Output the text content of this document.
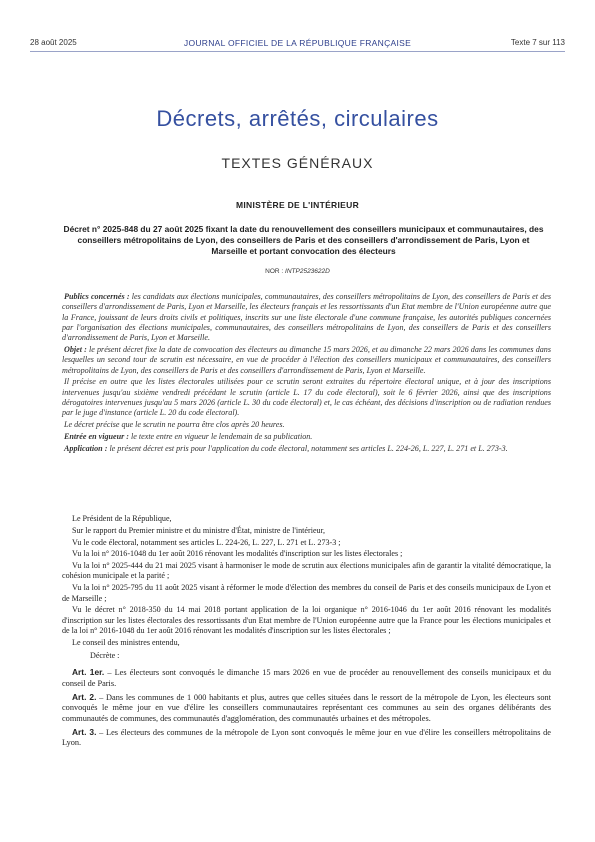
28 août 2025	JOURNAL OFFICIEL DE LA RÉPUBLIQUE FRANÇAISE	Texte 7 sur 113
Décrets, arrêtés, circulaires
TEXTES GÉNÉRAUX
MINISTÈRE DE L'INTÉRIEUR
Décret n° 2025-848 du 27 août 2025 fixant la date du renouvellement des conseillers municipaux et communautaires, des conseillers métropolitains de Lyon, des conseillers de Paris et des conseillers d'arrondissement de Paris, Lyon et Marseille et portant convocation des électeurs
NOR : INTP2523622D

Publics concernés : les candidats aux élections municipales, communautaires, des conseillers métropolitains de Lyon, des conseillers de Paris et des conseillers d'arrondissement de Paris, Lyon et Marseille, les électeurs français et les ressortissants d'un Etat membre de l'Union européenne autre que la France, jouissant de leurs droits civils et politiques, inscrits sur une liste électorale d'une commune française, les autorités publiques concernées par l'organisation des élections municipales, communautaires, des conseillers métropolitains de Lyon, des conseillers de Paris et des conseillers d'arrondissement de Paris, Lyon et Marseille.

Objet : le présent décret fixe la date de convocation des électeurs au dimanche 15 mars 2026, et au dimanche 22 mars 2026 dans les communes dans lesquelles un second tour de scrutin est nécessaire, en vue de procéder à l'élection des conseillers municipaux et communautaires, des conseillers métropolitains de Lyon, des conseillers de Paris et des conseillers d'arrondissement de Paris, Lyon et Marseille.

Il précise en outre que les listes électorales utilisées pour ce scrutin seront extraites du répertoire électoral unique, et à jour des inscriptions intervenues jusqu'au sixième vendredi précédant le scrutin (article L. 17 du code électoral), soit le 6 février 2026, ainsi que des inscriptions dérogatoires intervenues jusqu'au 5 mars 2026 (article L. 30 du code électoral) et, le cas échéant, des décisions d'inscription ou de radiation rendues par le juge d'instance (article L. 20 du code électoral).

Le décret précise que le scrutin ne pourra être clos après 20 heures.

Entrée en vigueur : le texte entre en vigueur le lendemain de sa publication.

Application : le présent décret est pris pour l'application du code électoral, notamment ses articles L. 224-26, L. 227, L. 271 et L. 273-3.

Le Président de la République,

Sur le rapport du Premier ministre et du ministre d'État, ministre de l'intérieur,

Vu le code électoral, notamment ses articles L. 224-26, L. 227, L. 271 et L. 273-3 ;

Vu la loi n° 2016-1048 du 1er août 2016 rénovant les modalités d'inscription sur les listes électorales ;

Vu la loi n° 2025-444 du 21 mai 2025 visant à harmoniser le mode de scrutin aux élections municipales afin de garantir la vitalité démocratique, la cohésion municipale et la parité ;

Vu la loi n° 2025-795 du 11 août 2025 visant à réformer le mode d'élection des membres du conseil de Paris et des conseils municipaux de Lyon et de Marseille ;

Vu le décret n° 2018-350 du 14 mai 2018 portant application de la loi organique n° 2016-1046 du 1er août 2016 rénovant les modalités d'inscription sur les listes électorales des ressortissants d'un Etat membre de l'Union européenne autre que la France pour les élections municipales et de la loi n° 2016-1048 du 1er août 2016 rénovant les modalités d'inscription sur les listes électorales ;

Le conseil des ministres entendu,

Décrète :

Art. 1er. – Les électeurs sont convoqués le dimanche 15 mars 2026 en vue de procéder au renouvellement des conseils municipaux et du conseil de Paris.

Art. 2. – Dans les communes de 1 000 habitants et plus, autres que celles situées dans le ressort de la métropole de Lyon, les électeurs sont convoqués le même jour en vue d'élire les conseillers communautaires représentant ces communes au sein des organes délibérants des communautés de communes, des communautés d'agglomération, des communautés urbaines et des métropoles.

Art. 3. – Les électeurs des communes de la métropole de Lyon sont convoqués le même jour en vue d'élire les conseillers métropolitains de Lyon.
